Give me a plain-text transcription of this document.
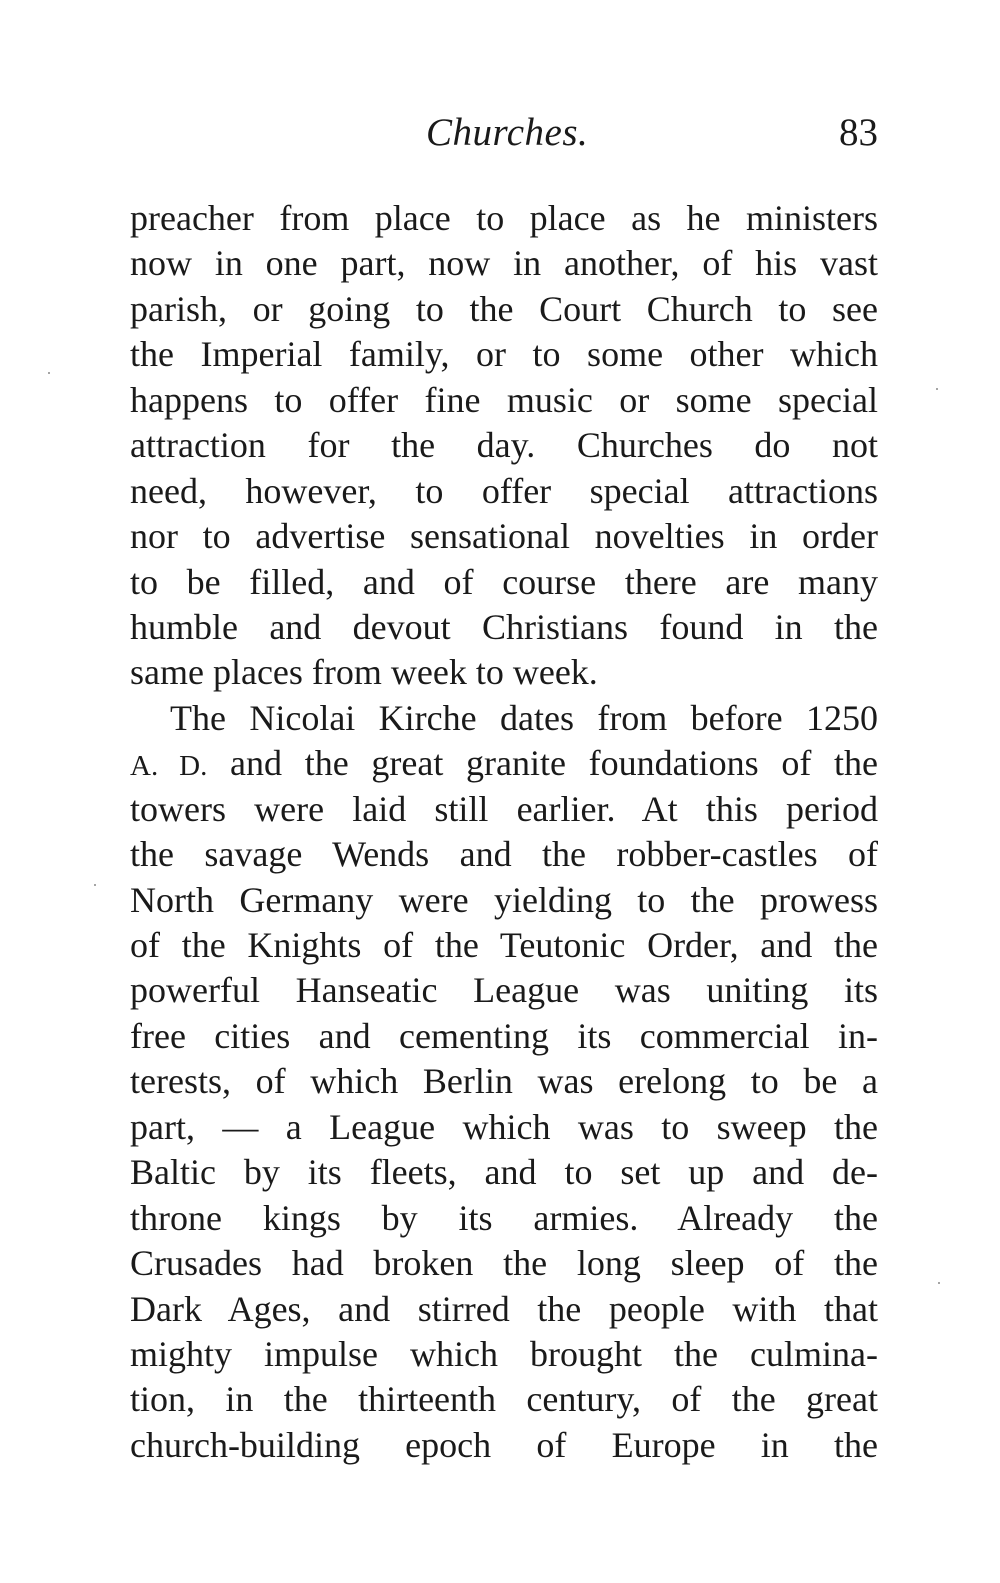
Churches.	83
preacher from place to place as he ministers
now in one part, now in another, of his vast
parish, or going to the Court Church to see
the Imperial family, or to some other which
happens to offer fine music or some special
attraction for the day. Churches do not
need, however, to offer special attractions
nor to advertise sensational novelties in order
to be filled, and of course there are many
humble and devout Christians found in the
same places from week to week.
The Nicolai Kirche dates from before 1250
A. D. and the great granite foundations of the
towers were laid still earlier. At this period
the savage Wends and the robber-castles of
North Germany were yielding to the prowess
of the Knights of the Teutonic Order, and the
powerful Hanseatic League was uniting its
free cities and cementing its commercial in-
terests, of which Berlin was erelong to be a
part, — a League which was to sweep the
Baltic by its fleets, and to set up and de-
throne kings by its armies. Already the
Crusades had broken the long sleep of the
Dark Ages, and stirred the people with that
mighty impulse which brought the culmina-
tion, in the thirteenth century, of the great
church-building epoch of Europe in the
